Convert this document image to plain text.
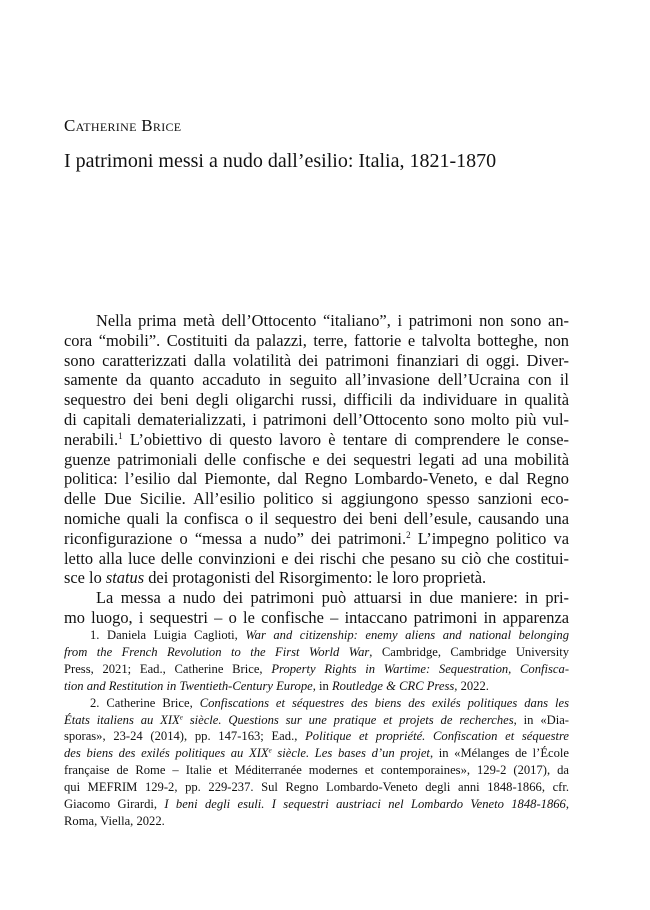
Catherine Brice
I patrimoni messi a nudo dall’esilio: Italia, 1821-1870
Nella prima metà dell’Ottocento “italiano”, i patrimoni non sono an-
cora “mobili”. Costituiti da palazzi, terre, fattorie e talvolta botteghe, non
sono caratterizzati dalla volatilità dei patrimoni finanziari di oggi. Diver-
samente da quanto accaduto in seguito all’invasione dell’Ucraina con il
sequestro dei beni degli oligarchi russi, difficili da individuare in qualità
di capitali dematerializzati, i patrimoni dell’Ottocento sono molto più vul-
nerabili.$^1$ L’obiettivo di questo lavoro è tentare di comprendere le conse-
guenze patrimoniali delle confische e dei sequestri legati ad una mobilità
politica: l’esilio dal Piemonte, dal Regno Lombardo-Veneto, e dal Regno
delle Due Sicilie. All’esilio politico si aggiungono spesso sanzioni eco-
nomiche quali la confisca o il sequestro dei beni dell’esule, causando una
riconfigurazione o “messa a nudo” dei patrimoni.$^2$ L’impegno politico va
letto alla luce delle convinzioni e dei rischi che pesano su ciò che costitui-
sce lo status dei protagonisti del Risorgimento: le loro proprietà.
La messa a nudo dei patrimoni può attuarsi in due maniere: in pri-
mo luogo, i sequestri – o le confische – intaccano patrimoni in apparenza
1. Daniela Luigia Caglioti, War and citizenship: enemy aliens and national belonging
from the French Revolution to the First World War, Cambridge, Cambridge University
Press, 2021; Ead., Catherine Brice, Property Rights in Wartime: Sequestration, Confisca-
tion and Restitution in Twentieth-Century Europe, in Routledge & CRC Press, 2022.
2. Catherine Brice, Confiscations et séquestres des biens des exilés politiques dans les
États italiens au XIXe siècle. Questions sur une pratique et projets de recherches, in «Dia-
sporas», 23-24 (2014), pp. 147-163; Ead., Politique et propriété. Confiscation et séquestre
des biens des exilés politiques au XIXe siècle. Les bases d’un projet, in «Mélanges de l’École
française de Rome – Italie et Méditerranée modernes et contemporaines», 129-2 (2017), da
qui MEFRIM 129-2, pp. 229-237. Sul Regno Lombardo-Veneto degli anni 1848-1866, cfr.
Giacomo Girardi, I beni degli esuli. I sequestri austriaci nel Lombardo Veneto 1848-1866,
Roma, Viella, 2022.
